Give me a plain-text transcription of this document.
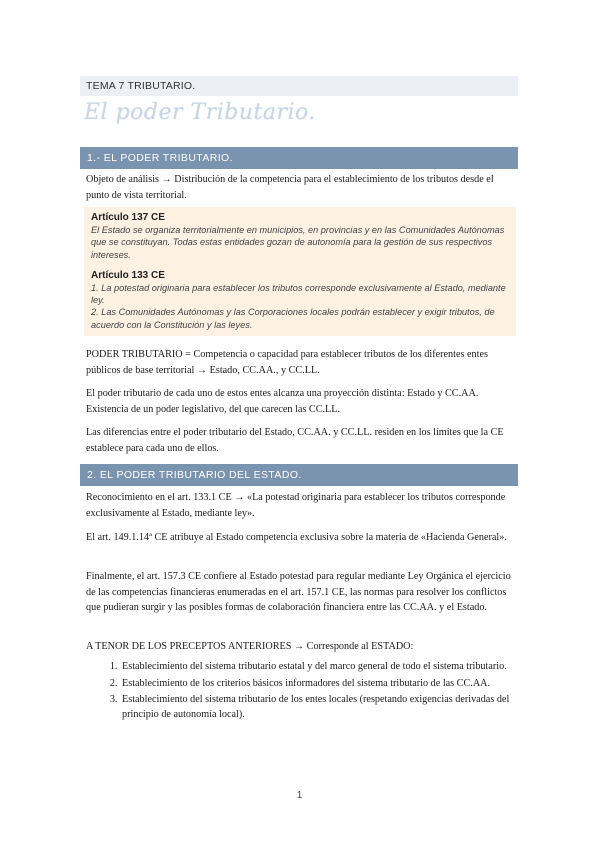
TEMA 7 TRIBUTARIO.
El poder Tributario.
1.- EL PODER TRIBUTARIO.
Objeto de análisis → Distribución de la competencia para el establecimiento de los tributos desde el punto de vista territorial.
Artículo 137 CE
El Estado se organiza territorialmente en municipios, en provincias y en las Comunidades Autónomas que se constituyan. Todas estas entidades gozan de autonomía para la gestión de sus respectivos intereses.
Artículo 133 CE
1. La potestad originaria para establecer los tributos corresponde exclusivamente al Estado, mediante ley.
2. Las Comunidades Autónomas y las Corporaciones locales podrán establecer y exigir tributos, de acuerdo con la Constitución y las leyes.
PODER TRIBUTARIO = Competencia o capacidad para establecer tributos de los diferentes entes públicos de base territorial → Estado, CC.AA., y CC.LL.
El poder tributario de cada uno de estos entes alcanza una proyección distinta: Estado y CC.AA. Existencia de un poder legislativo, del que carecen las CC.LL.
Las diferencias entre el poder tributario del Estado, CC.AA. y CC.LL. residen en los límites que la CE establece para cada uno de ellos.
2. EL PODER TRIBUTARIO DEL ESTADO.
Reconocimiento en el art. 133.1 CE → «La potestad originaria para establecer los tributos corresponde exclusivamente al Estado, mediante ley».
El art. 149.1.14ª CE atribuye al Estado competencia exclusiva sobre la materia de «Hacienda General».
Finalmente, el art. 157.3 CE confiere al Estado potestad para regular mediante Ley Orgánica el ejercicio de las competencias financieras enumeradas en el art. 157.1 CE, las normas para resolver los conflictos que pudieran surgir y las posibles formas de colaboración financiera entre las CC.AA. y el Estado.
A TENOR DE LOS PRECEPTOS ANTERIORES → Corresponde al ESTADO:
1. Establecimiento del sistema tributario estatal y del marco general de todo el sistema tributario.
2. Establecimiento de los criterios básicos informadores del sistema tributario de las CC.AA.
3. Establecimiento del sistema tributario de los entes locales (respetando exigencias derivadas del principio de autonomía local).
1
